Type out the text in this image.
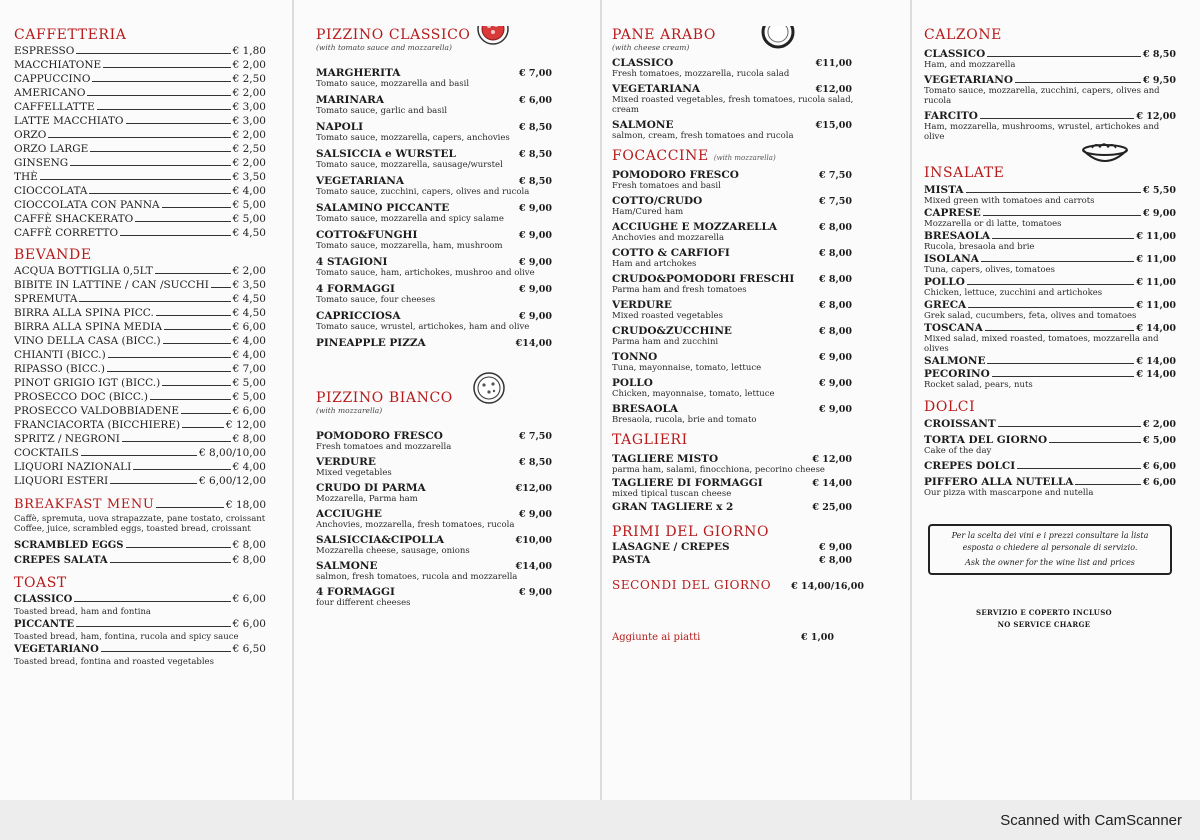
CAFFETTERIA
ESPRESSO	€ 1,80
MACCHIATONE	€ 2,00
CAPPUCCINO	€ 2,50
AMERICANO	€ 2,00
CAFFELLATTE	€ 3,00
LATTE MACCHIATO	€ 3,00
ORZO	€ 2,00
ORZO LARGE	€ 2,50
GINSENG	€ 2,00
THÈ	€ 3,50
CIOCCOLATA	€ 4,00
CIOCCOLATA CON PANNA	€ 5,00
CAFFÈ SHACKERATO	€ 5,00
CAFFÈ CORRETTO	€ 4,50
BEVANDE
ACQUA BOTTIGLIA 0,5LT	€ 2,00
BIBITE IN LATTINE / CAN /SUCCHI € 3,50
SPREMUTA	€ 4,50
BIRRA ALLA SPINA PICC.	€ 4,50
BIRRA ALLA SPINA MEDIA	€ 6,00
VINO DELLA CASA (BICC.)	€ 4,00
CHIANTI (BICC.)	€ 4,00
RIPASSO (BICC.)	€ 7,00
PINOT GRIGIO IGT (BICC.)	€ 5,00
PROSECCO DOC (BICC.)	€ 5,00
PROSECCO VALDOBBIADENE	€ 6,00
FRANCIACORTA (BICCHIERE)	€ 12,00
SPRITZ / NEGRONI	€ 8,00
COCKTAILS	€ 8,00/10,00
LIQUORI NAZIONALI	€ 4,00
LIQUORI ESTERI	€ 6,00/12,00
BREAKFAST MENU	€ 18,00
Caffè, spremuta, uova strapazzate, pane tostato, croissant
Coffee, juice, scrambled eggs, toasted bread, croissant
SCRAMBLED EGGS	€ 8,00
CREPES SALATA	€ 8,00
TOAST
CLASSICO	€ 6,00
Toasted bread, ham and fontina
PICCANTE	€ 6,00
Toasted bread, ham, fontina, rucola and spicy sauce
VEGETARIANO	€ 6,50
Toasted bread, fontina and roasted vegetables
PIZZINO CLASSICO
(with tomato sauce and mozzarella)
MARGHERITA	€ 7,00
Tomato sauce, mozzarella and basil
MARINARA	€ 6,00
Tomato sauce, garlic and basil
NAPOLI	€ 8,50
Tomato sauce, mozzarella, capers, anchovies
SALSICCIA e WURSTEL	€ 8,50
Tomato sauce, mozzarella, sausage/wurstel
VEGETARIANA	€ 8,50
Tomato sauce, zucchini, capers, olives and rucola
SALAMINO PICCANTE	€ 9,00
Tomato sauce, mozzarella and spicy salame
COTTO&FUNGHI	€ 9,00
Tomato sauce, mozzarella, ham, mushroom
4 STAGIONI	€ 9,00
Tomato sauce, ham, artichokes, mushroo and olive
4 FORMAGGI	€ 9,00
Tomato sauce, four cheeses
CAPRICCIOSA	€ 9,00
Tomato sauce, wrustel, artichokes, ham and olive
PINEAPPLE PIZZA	€14,00
PIZZINO BIANCO
(with mozzarella)
POMODORO FRESCO	€ 7,50
Fresh tomatoes and mozzarella
VERDURE	€ 8,50
Mixed vegetables
CRUDO DI PARMA	€12,00
Mozzarella, Parma ham
ACCIUGHE	€ 9,00
Anchovies, mozzarella, fresh tomatoes, rucola
SALSICCIA&CIPOLLA	€10,00
Mozzarella cheese, sausage, onions
SALMONE	€14,00
salmon, fresh tomatoes, rucola and mozzarella
4 FORMAGGI	€ 9,00
four different cheeses
PANE ARABO
(with cheese cream)
CLASSICO	€11,00
Fresh tomatoes, mozzarella, rucola salad
VEGETARIANA	€12,00
Mixed roasted vegetables, fresh tomatoes, rucola salad, cream
SALMONE	€15,00
salmon, cream, fresh tomatoes and rucola
FOCACCINE (with mozzarella)
POMODORO FRESCO	€ 7,50
Fresh tomatoes and basil
COTTO/CRUDO	€ 7,50
Ham/Cured ham
ACCIUGHE E MOZZARELLA	€ 8,00
Anchovies and mozzarella
COTTO & CARFIOFI	€ 8,00
Ham and artchokes
CRUDO&POMODORI FRESCHI	€ 8,00
Parma ham and fresh tomatoes
VERDURE	€ 8,00
Mixed roasted vegetables
CRUDO&ZUCCHINE	€ 8,00
Parma ham and zucchini
TONNO	€ 9,00
Tuna, mayonnaise, tomato, lettuce
POLLO	€ 9,00
Chicken, mayonnaise, tomato, lettuce
BRESAOLA	€ 9,00
Bresaola, rucola, brie and tomato
TAGLIERI
TAGLIERE MISTO	€ 12,00
parma ham, salami, finocchiona, pecorino cheese
TAGLIERE DI FORMAGGI	€ 14,00
mixed tipical tuscan cheese
GRAN TAGLIERE x 2	€ 25,00
PRIMI DEL GIORNO
LASAGNE / CREPES	€ 9,00
PASTA	€ 8,00
SECONDI DEL GIORNO € 14,00/16,00
Aggiunte ai piatti	€ 1,00
CALZONE
CLASSICO	€ 8,50
Ham, and mozzarella
VEGETARIANO	€ 9,50
Tomato sauce, mozzarella, zucchini, capers, olives and rucola
FARCITO	€ 12,00
Ham, mozzarella, mushrooms, wrustel, artichokes and olive
INSALATE
MISTA	€ 5,50
Mixed green with tomatoes and carrots
CAPRESE	€ 9,00
Mozzarella or di latte, tomatoes
BRESAOLA	€ 11,00
Rucola, bresaola and brie
ISOLANA	€ 11,00
Tuna, capers, olives, tomatoes
POLLO	€ 11,00
Chicken, lettuce, zucchini and artichokes
GRECA	€ 11,00
Grek salad, cucumbers, feta, olives and tomatoes
TOSCANA	€ 14,00
Mixed salad, mixed roasted, tomatoes, mozzarella and olives
SALMONE	€ 14,00
PECORINO	€ 14,00
Rocket salad, pears, nuts
DOLCI
CROISSANT	€ 2,00
TORTA DEL GIORNO	€ 5,00
Cake of the day
CREPES DOLCI	€ 6,00
PIFFERO ALLA NUTELLA	€ 6,00
Our pizza with mascarpone and nutella
Per la scelta dei vini e i prezzi consultare la lista esposta o chiedere al personale di servizio.
Ask the owner for the wine list and prices
SERVIZIO E COPERTO INCLUSO
NO SERVICE CHARGE
Scanned with CamScanner
